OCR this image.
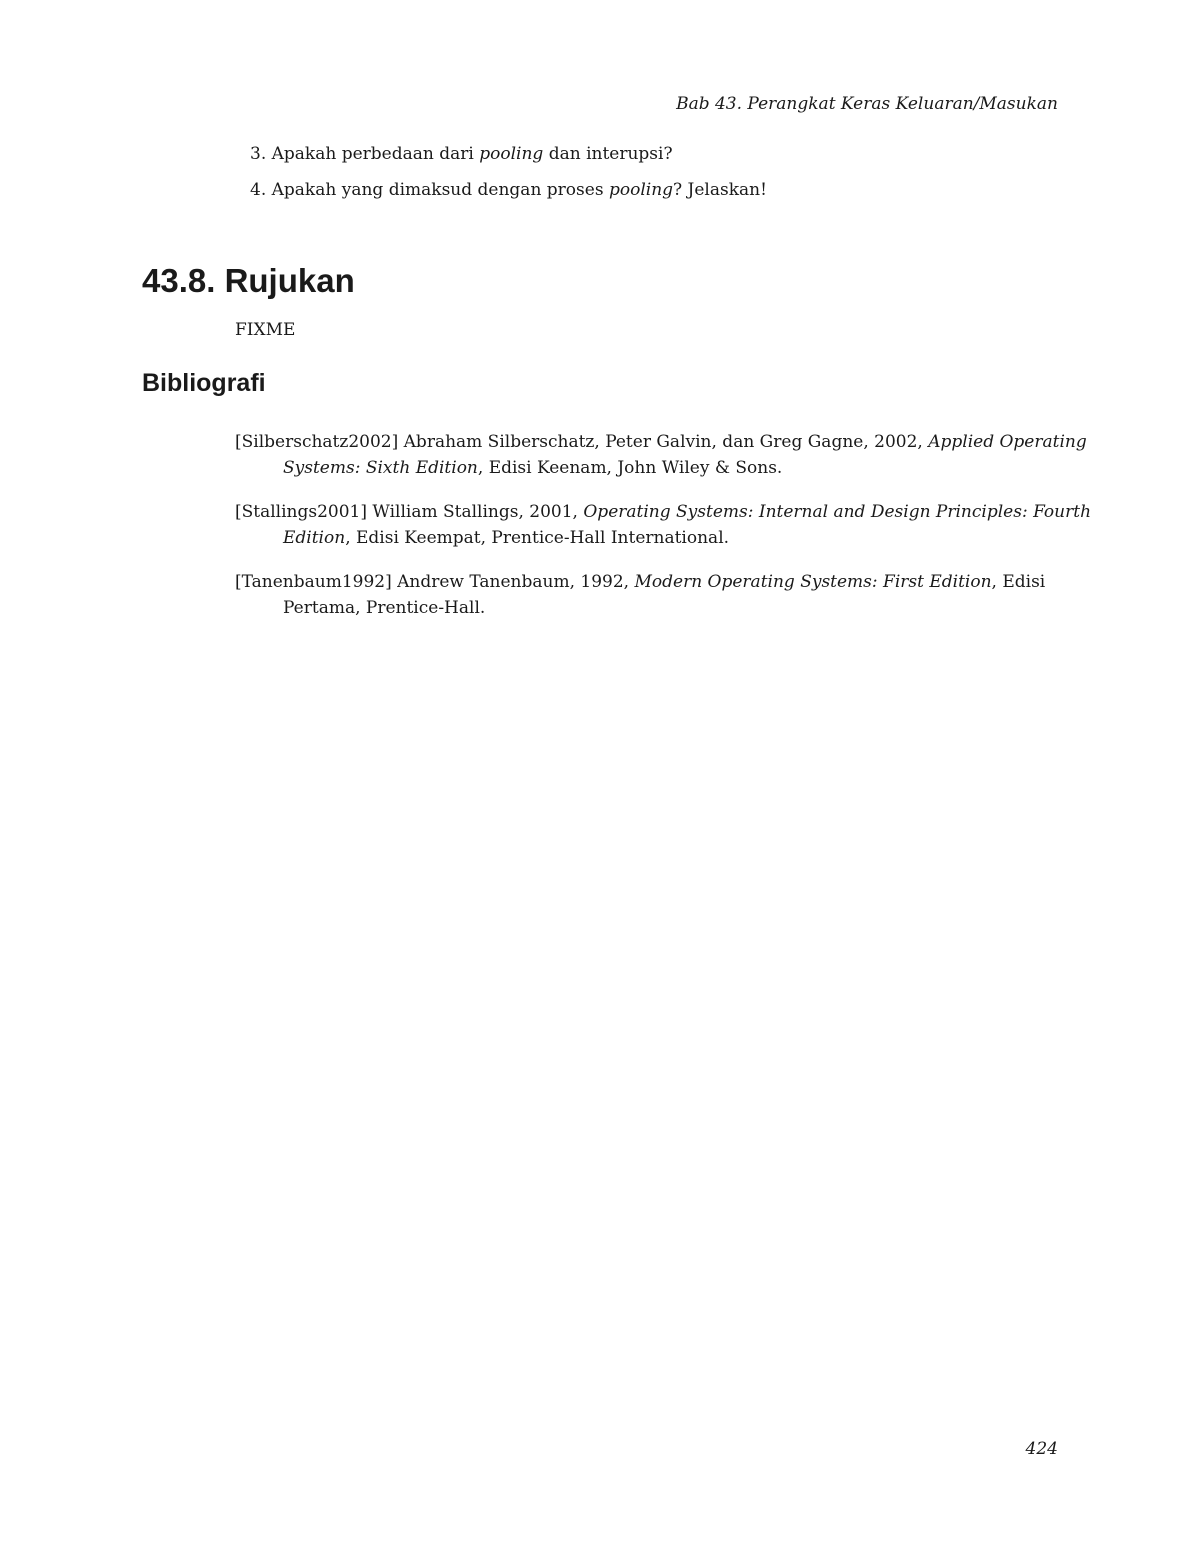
Bab 43. Perangkat Keras Keluaran/Masukan
3. Apakah perbedaan dari pooling dan interupsi?
4. Apakah yang dimaksud dengan proses pooling? Jelaskan!
43.8. Rujukan
FIXME
Bibliografi
[Silberschatz2002] Abraham Silberschatz, Peter Galvin, dan Greg Gagne, 2002, Applied Operating Systems: Sixth Edition, Edisi Keenam, John Wiley & Sons.
[Stallings2001] William Stallings, 2001, Operating Systems: Internal and Design Principles: Fourth Edition, Edisi Keempat, Prentice-Hall International.
[Tanenbaum1992] Andrew Tanenbaum, 1992, Modern Operating Systems: First Edition, Edisi Pertama, Prentice-Hall.
424
